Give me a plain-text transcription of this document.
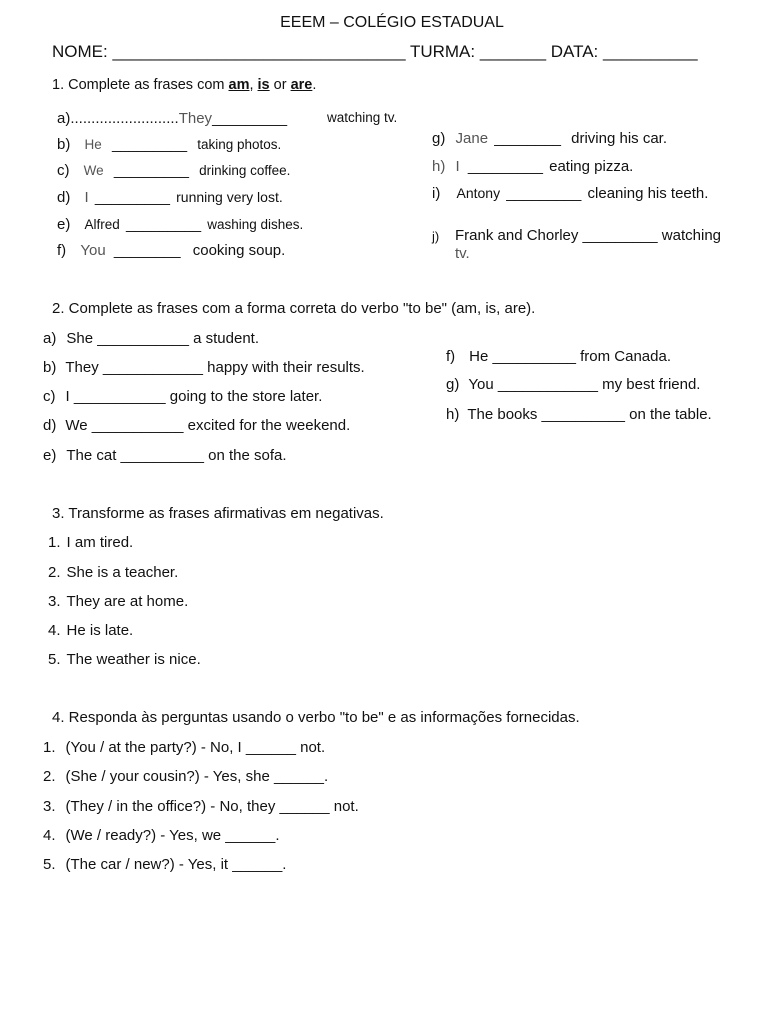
EEEM – COLÉGIO ESTADUAL
NOME: _______________________________ TURMA: _______ DATA: __________
1. Complete as frases com am, is or are.
a)..........................They_________	watching tv.
b) He _________ taking photos.
c) We _________ drinking coffee.
d) I _________ running very lost.
e) Alfred _________ washing dishes.
f) You ________ cooking soup.
g) Jane ________ driving his car.
h) I _________ eating pizza.
i) Antony _________ cleaning his teeth.
j) Frank and Chorley _________ watching
tv.
2. Complete as frases com a forma correta do verbo "to be" (am, is, are).
a) She ___________ a student.
b) They ____________ happy with their results.
c) I ___________ going to the store later.
d) We ___________ excited for the weekend.
e) The cat __________ on the sofa.
f) He __________ from Canada.
g) You ____________ my best friend.
h) The books __________ on the table.
3. Transforme as frases afirmativas em negativas.
1. I am tired.
2. She is a teacher.
3. They are at home.
4. He is late.
5. The weather is nice.
4. Responda às perguntas usando o verbo "to be" e as informações fornecidas.
1. (You / at the party?) - No, I ______ not.
2. (She / your cousin?) - Yes, she ______.
3. (They / in the office?) - No, they ______ not.
4. (We / ready?) - Yes, we ______.
5. (The car / new?) - Yes, it ______.
